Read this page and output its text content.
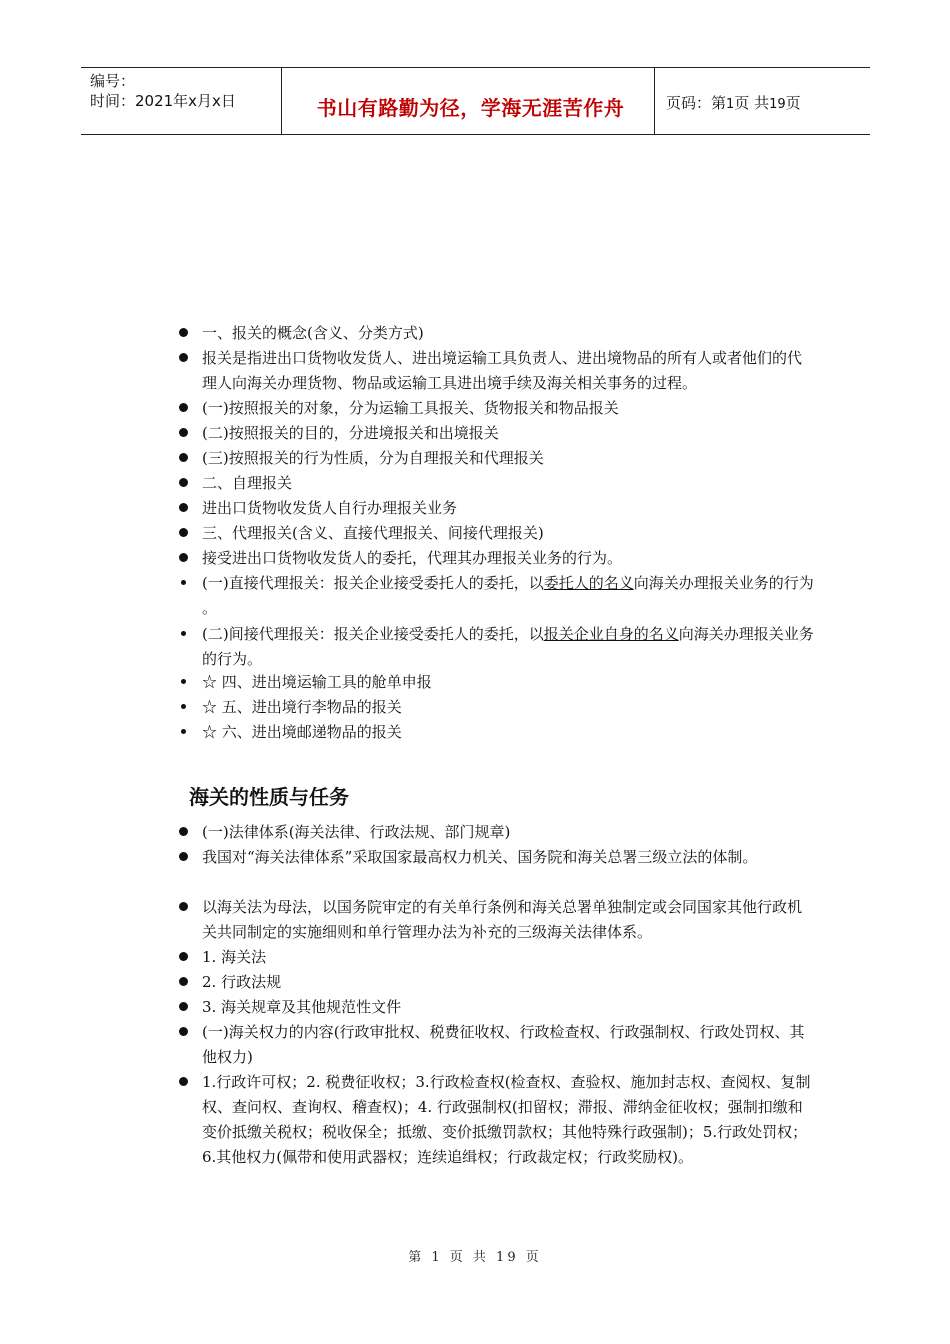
编号：
时间：2021年x月x日	书山有路勤为径，学海无涯苦作舟	页码：第1页 共19页
一、报关的概念(含义、分类方式)
报关是指进出口货物收发货人、进出境运输工具负责人、进出境物品的所有人或者他们的代理人向海关办理货物、物品或运输工具进出境手续及海关相关事务的过程。
(一)按照报关的对象，分为运输工具报关、货物报关和物品报关
(二)按照报关的目的，分进境报关和出境报关
(三)按照报关的行为性质，分为自理报关和代理报关
二、自理报关
进出口货物收发货人自行办理报关业务
三、代理报关(含义、直接代理报关、间接代理报关)
接受进出口货物收发货人的委托，代理其办理报关业务的行为。
(一)直接代理报关：报关企业接受委托人的委托，以委托人的名义向海关办理报关业务的行为 。
(二)间接代理报关：报关企业接受委托人的委托，以报关企业自身的名义向海关办理报关业务的行为。
☆ 四、进出境运输工具的舱单申报
☆ 五、进出境行李物品的报关
☆ 六、进出境邮递物品的报关
海关的性质与任务
(一)法律体系(海关法律、行政法规、部门规章)
我国对“海关法律体系”采取国家最高权力机关、国务院和海关总署三级立法的体制。
以海关法为母法，以国务院审定的有关单行条例和海关总署单独制定或会同国家其他行政机关共同制定的实施细则和单行管理办法为补充的三级海关法律体系。
1. 海关法
2. 行政法规
3. 海关规章及其他规范性文件
(一)海关权力的内容(行政审批权、税费征收权、行政检查权、行政强制权、行政处罚权、其他权力)
1.行政许可权；2. 税费征收权；3.行政检查权(检查权、查验权、施加封志权、查阅权、复制权、查问权、查询权、稽查权)；4. 行政强制权(扣留权；滞报、滞纳金征收权；强制扣缴和变价抵缴关税权；税收保全；抵缴、变价抵缴罚款权；其他特殊行政强制)；5.行政处罚权；6.其他权力(佩带和使用武器权；连续追缉权；行政裁定权；行政奖励权)。
第 1 页 共 19 页
